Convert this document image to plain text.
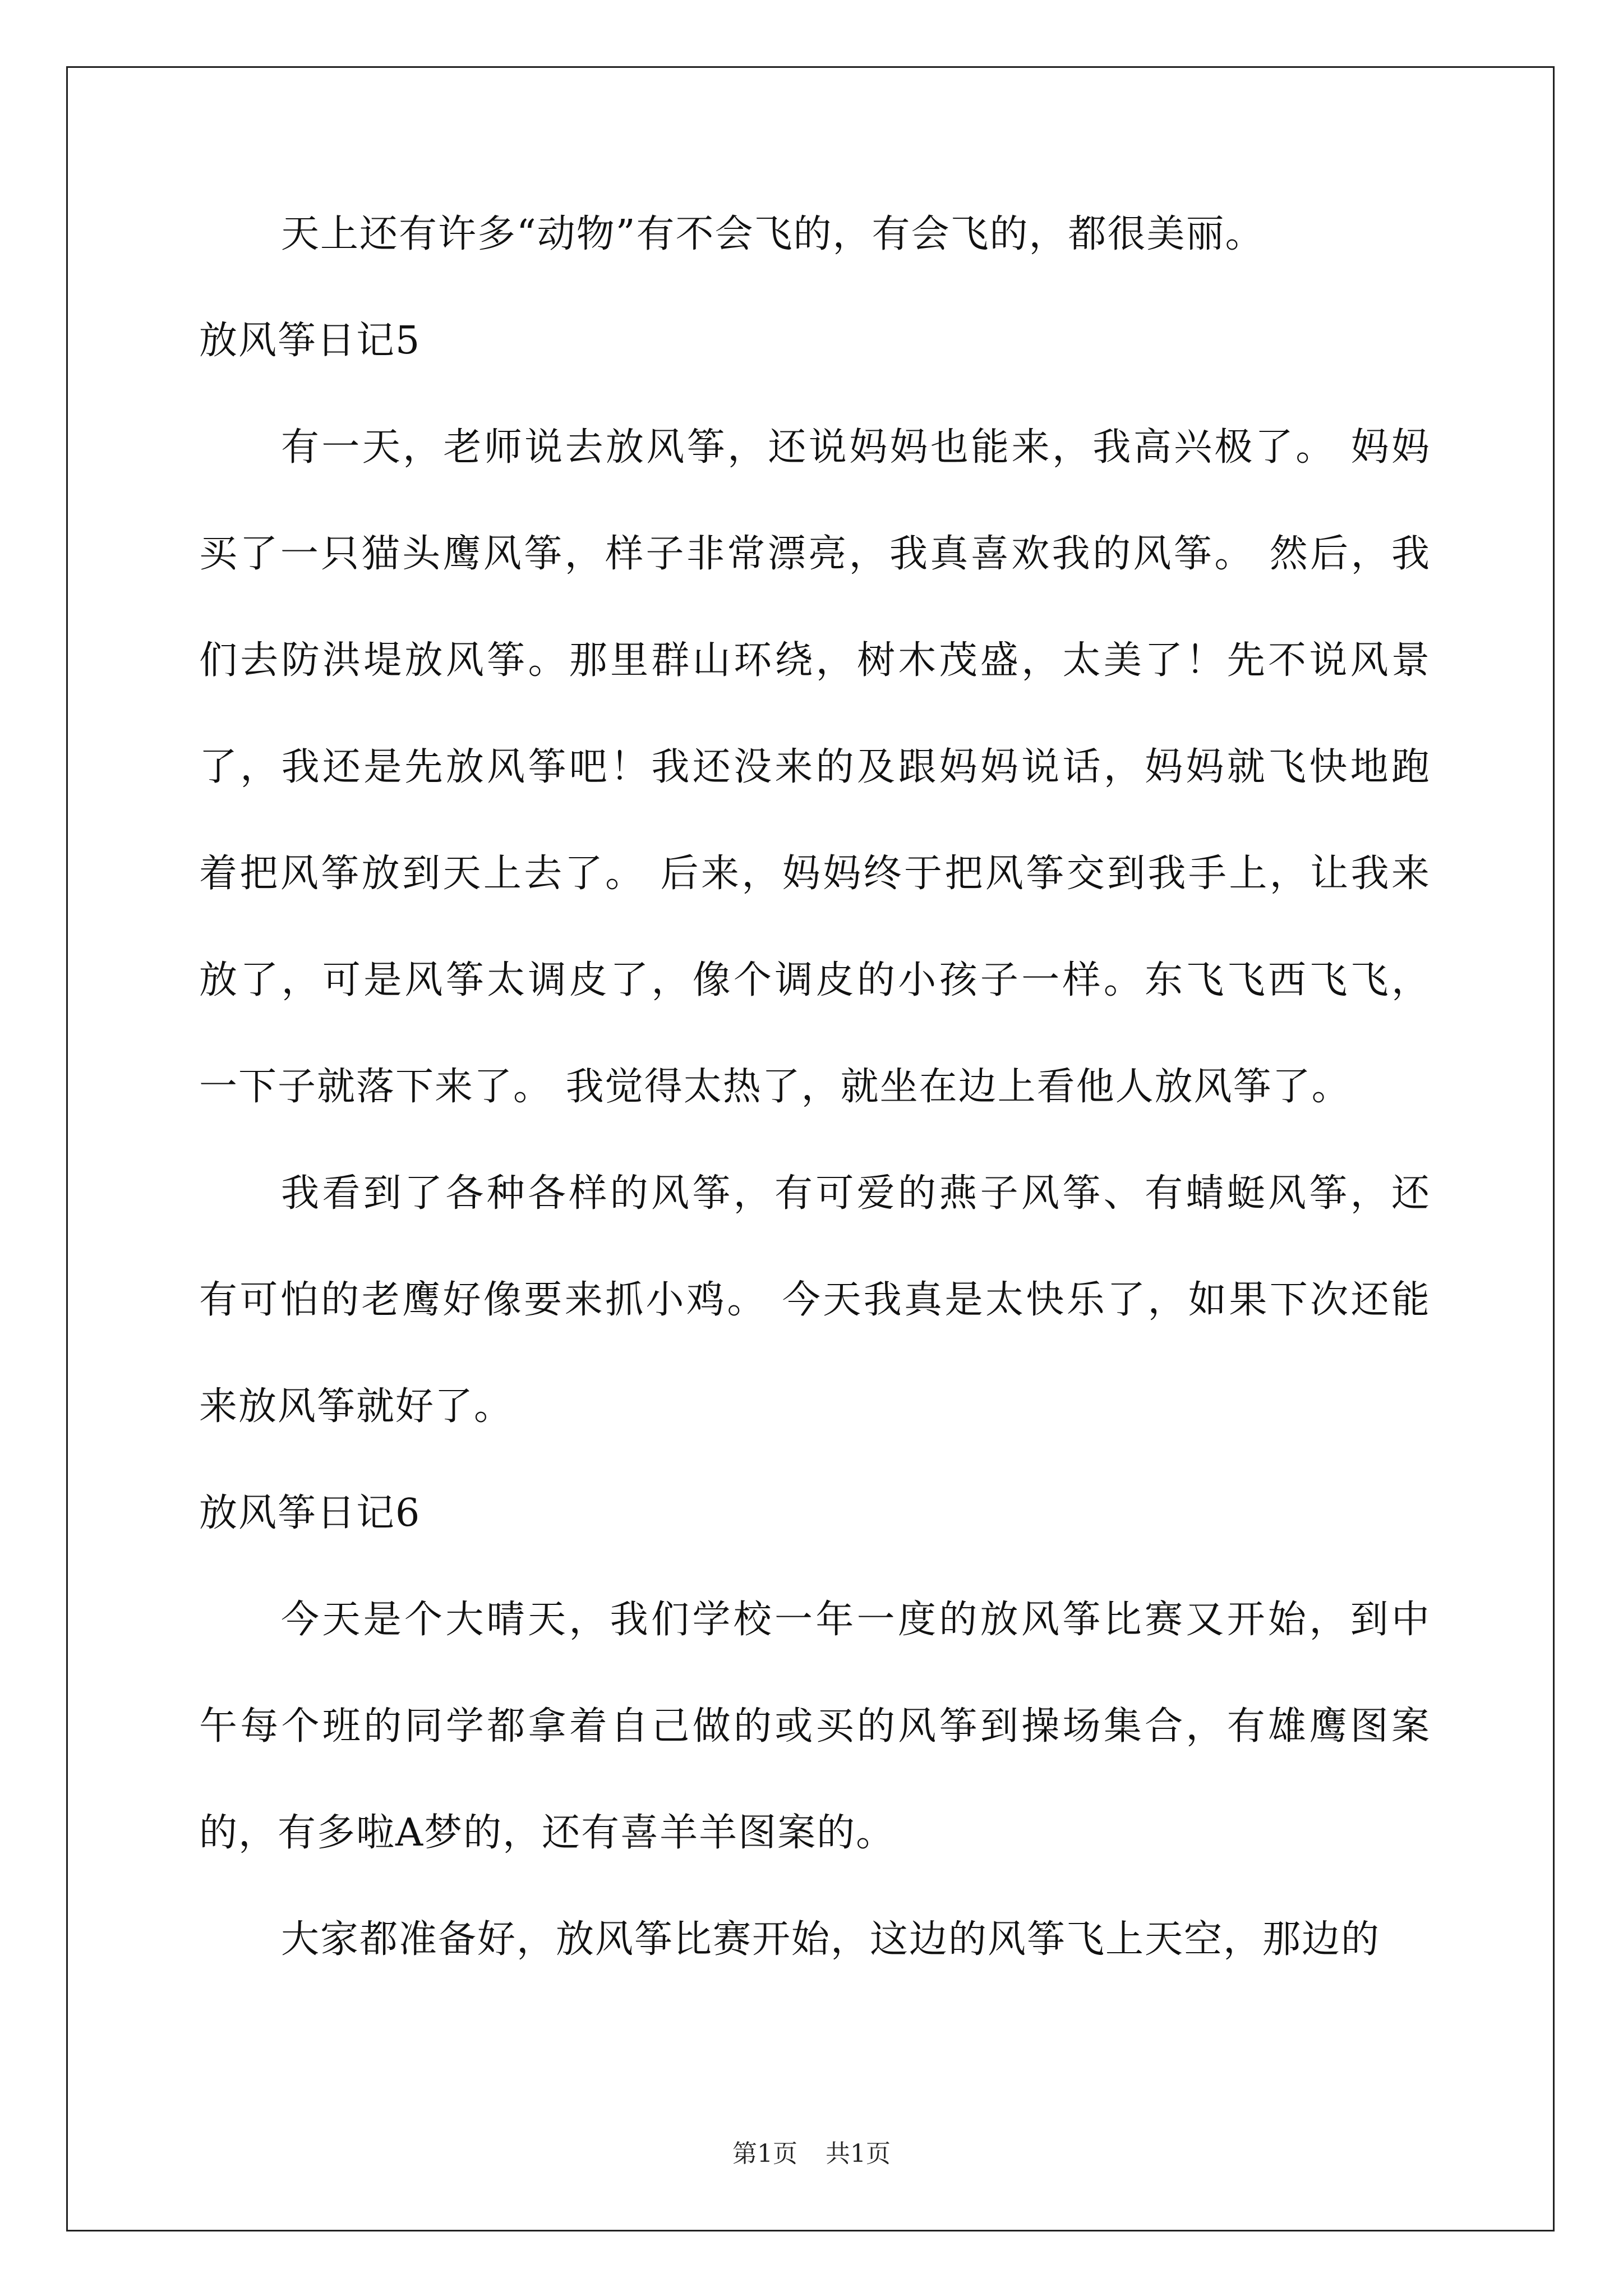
天上还有许多“动物”有不会飞的，有会飞的，都很美丽。
放风筝日记5
有一天，老师说去放风筝，还说妈妈也能来，我高兴极了。 妈妈
买了一只猫头鹰风筝，样子非常漂亮，我真喜欢我的风筝。 然后，我
们去防洪堤放风筝。那里群山环绕，树木茂盛，太美了！先不说风景
了，我还是先放风筝吧！我还没来的及跟妈妈说话，妈妈就飞快地跑
着把风筝放到天上去了。 后来，妈妈终于把风筝交到我手上，让我来
放了，可是风筝太调皮了，像个调皮的小孩子一样。东飞飞西飞飞，
一下子就落下来了。 我觉得太热了，就坐在边上看他人放风筝了。
我看到了各种各样的风筝，有可爱的燕子风筝、有蜻蜓风筝，还
有可怕的老鹰好像要来抓小鸡。 今天我真是太快乐了，如果下次还能
来放风筝就好了。
放风筝日记6
今天是个大晴天，我们学校一年一度的放风筝比赛又开始，到中
午每个班的同学都拿着自己做的或买的风筝到操场集合，有雄鹰图案
的，有多啦A梦的，还有喜羊羊图案的。
大家都准备好，放风筝比赛开始，这边的风筝飞上天空，那边的
第1页 共1页
